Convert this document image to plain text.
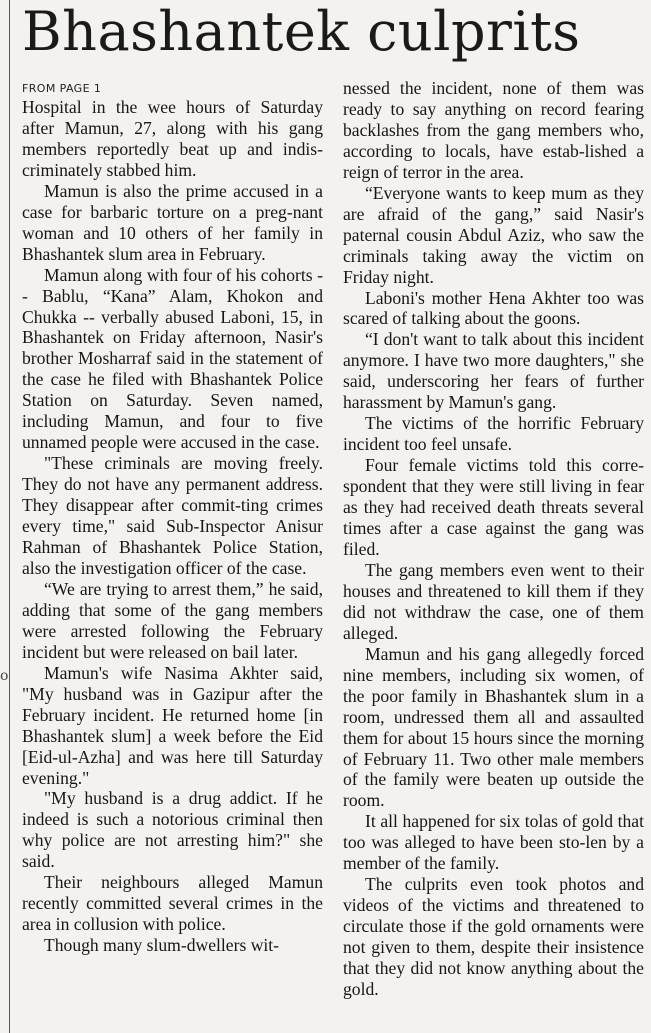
o
Bhashantek culprits
FROM PAGE 1

Hospital in the wee hours of Saturday after Mamun, 27, along with his gang members reportedly beat up and indis-criminately stabbed him.

Mamun is also the prime accused in a case for barbaric torture on a preg-nant woman and 10 others of her family in Bhashantek slum area in February.

Mamun along with four of his cohorts -- Bablu, “Kana” Alam, Khokon and Chukka -- verbally abused Laboni, 15, in Bhashantek on Friday afternoon, Nasir's brother Mosharraf said in the statement of the case he filed with Bhashantek Police Station on Saturday. Seven named, including Mamun, and four to five unnamed people were accused in the case.

"These criminals are moving freely. They do not have any permanent address. They disappear after commit-ting crimes every time," said Sub-Inspector Anisur Rahman of Bhashantek Police Station, also the investigation officer of the case.

“We are trying to arrest them,” he said, adding that some of the gang members were arrested following the February incident but were released on bail later.

Mamun's wife Nasima Akhter said, "My husband was in Gazipur after the February incident. He returned home [in Bhashantek slum] a week before the Eid [Eid-ul-Azha] and was here till Saturday evening."

"My husband is a drug addict. If he indeed is such a notorious criminal then why police are not arresting him?" she said.

Their neighbours alleged Mamun recently committed several crimes in the area in collusion with police.

Though many slum-dwellers wit-

nessed the incident, none of them was ready to say anything on record fearing backlashes from the gang members who, according to locals, have estab-lished a reign of terror in the area.

“Everyone wants to keep mum as they are afraid of the gang,” said Nasir's paternal cousin Abdul Aziz, who saw the criminals taking away the victim on Friday night.

Laboni's mother Hena Akhter too was scared of talking about the goons.

“I don't want to talk about this incident anymore. I have two more daughters," she said, underscoring her fears of further harassment by Mamun's gang.

The victims of the horrific February incident too feel unsafe.

Four female victims told this corre-spondent that they were still living in fear as they had received death threats several times after a case against the gang was filed.

The gang members even went to their houses and threatened to kill them if they did not withdraw the case, one of them alleged.

Mamun and his gang allegedly forced nine members, including six women, of the poor family in Bhashantek slum in a room, undressed them all and assaulted them for about 15 hours since the morning of February 11. Two other male members of the family were beaten up outside the room.

It all happened for six tolas of gold that too was alleged to have been sto-len by a member of the family.

The culprits even took photos and videos of the victims and threatened to circulate those if the gold ornaments were not given to them, despite their insistence that they did not know anything about the gold.
